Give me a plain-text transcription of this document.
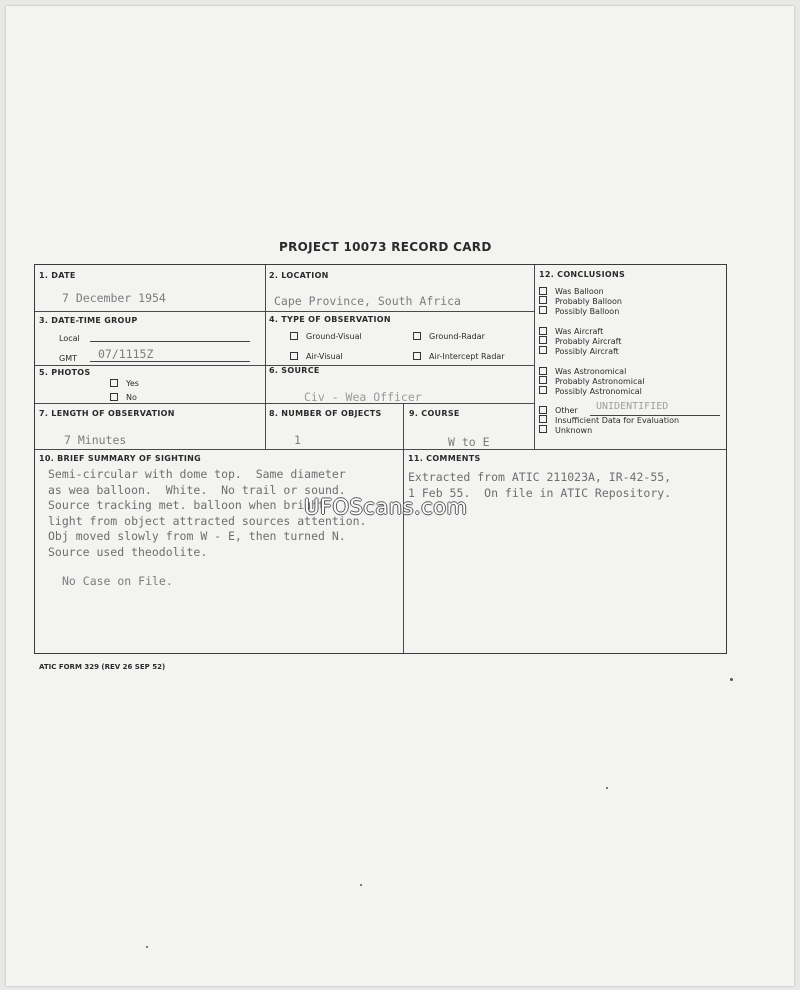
PROJECT 10073 RECORD CARD
1. DATE
7 December 1954
2. LOCATION
Cape Province, South Africa
3. DATE-TIME GROUP
Local
GMT 07/1115Z
4. TYPE OF OBSERVATION
Ground-Visual	Ground-Radar
Air-Visual	Air-Intercept Radar
5. PHOTOS
Yes
No
6. SOURCE
Civ - Wea Officer
7. LENGTH OF OBSERVATION
7 Minutes
8. NUMBER OF OBJECTS
1
9. COURSE
W to E
12. CONCLUSIONS
Was Balloon
Probably Balloon
Possibly Balloon
Was Aircraft
Probably Aircraft
Possibly Aircraft
Was Astronomical
Probably Astronomical
Possibly Astronomical
Other
Insufficient Data for Evaluation
Unknown
UNIDENTIFIED
10. BRIEF SUMMARY OF SIGHTING
Semi-circular with dome top.  Same diameter
as wea balloon.  White.  No trail or sound.
Source tracking met. balloon when bright
light from object attracted sources attention.
Obj moved slowly from W - E, then turned N.
Source used theodolite.
No Case on File.
11. COMMENTS
Extracted from ATIC 211023A, IR-42-55,
1 Feb 55.  On file in ATIC Repository.
UFOScans.com
ATIC FORM 329 (REV 26 SEP 52)
